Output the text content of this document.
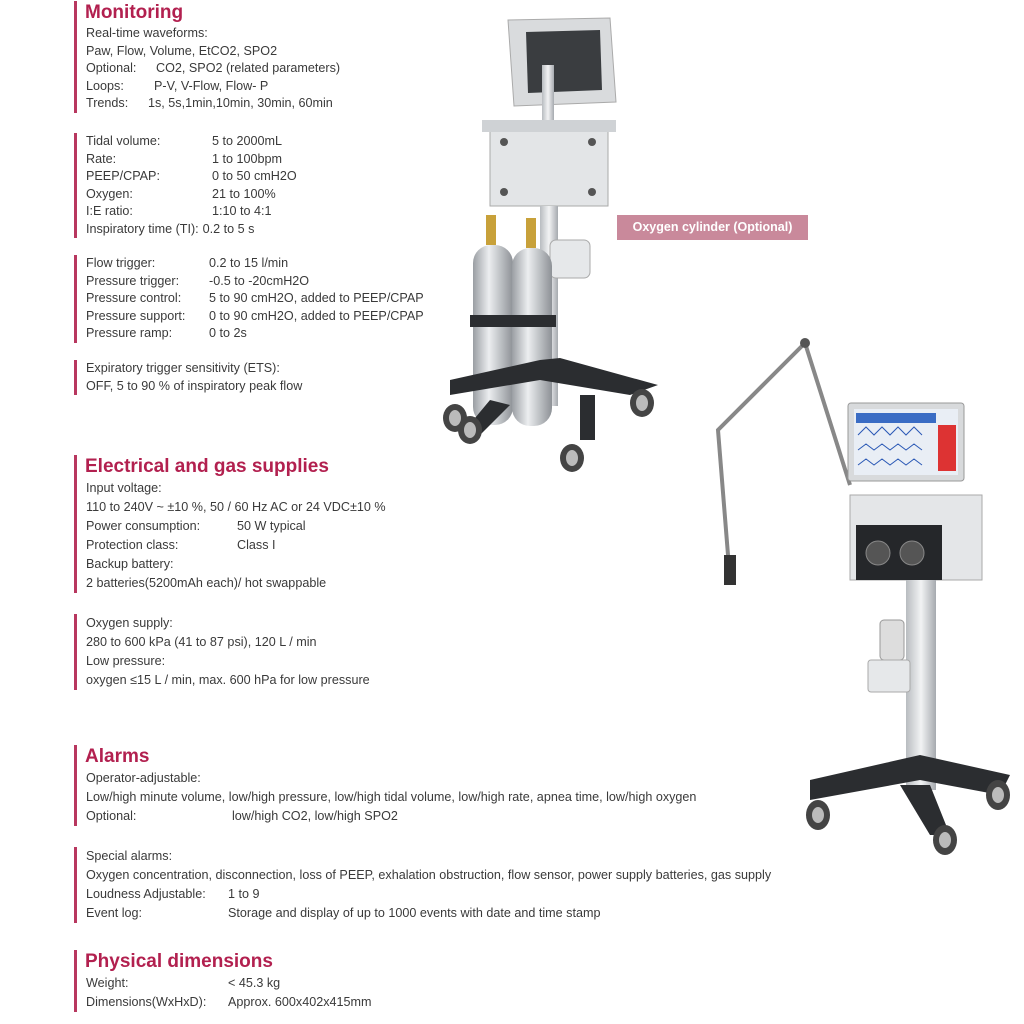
Monitoring
Real-time waveforms:
Paw, Flow, Volume, EtCO2, SPO2
Optional: CO2, SPO2 (related parameters)
Loops: P-V, V-Flow, Flow- P
Trends: 1s, 5s,1min,10min, 30min, 60min
Tidal volume:	5 to 2000mL
Rate:	1 to 100bpm
PEEP/CPAP:	0 to 50 cmH2O
Oxygen:	21 to 100%
I:E ratio:	1:10 to 4:1
Inspiratory time (TI): 0.2 to 5 s
Flow trigger:	0.2 to 15 l/min
Pressure trigger: -0.5 to -20cmH2O
Pressure control: 5 to 90 cmH2O, added to PEEP/CPAP
Pressure support: 0 to 90 cmH2O, added to PEEP/CPAP
Pressure ramp:	0 to 2s
Expiratory trigger sensitivity (ETS):
OFF, 5 to 90 % of inspiratory peak flow
Electrical and gas supplies
Input voltage:
110 to 240V ~ ±10 %, 50 / 60 Hz AC or 24 VDC±10 %
Power consumption:	50 W typical
Protection class:	Class I
Backup battery:
2 batteries(5200mAh each)/ hot swappable
Oxygen supply:
280 to 600 kPa (41 to 87 psi), 120 L / min
Low pressure:
oxygen ≤15 L / min, max. 600 hPa for low pressure
Alarms
Operator-adjustable:
Low/high minute volume, low/high pressure, low/high tidal volume, low/high rate, apnea time, low/high oxygen
Optional:	low/high CO2, low/high SPO2
Special alarms:
Oxygen concentration, disconnection, loss of PEEP, exhalation obstruction, flow sensor, power supply batteries, gas supply
Loudness Adjustable: 1 to 9
Event log:	Storage and display of up to 1000 events with date and time stamp
Physical dimensions
Weight:	< 45.3 kg
Dimensions(WxHxD): Approx. 600x402x415mm
Oxygen cylinder (Optional)
